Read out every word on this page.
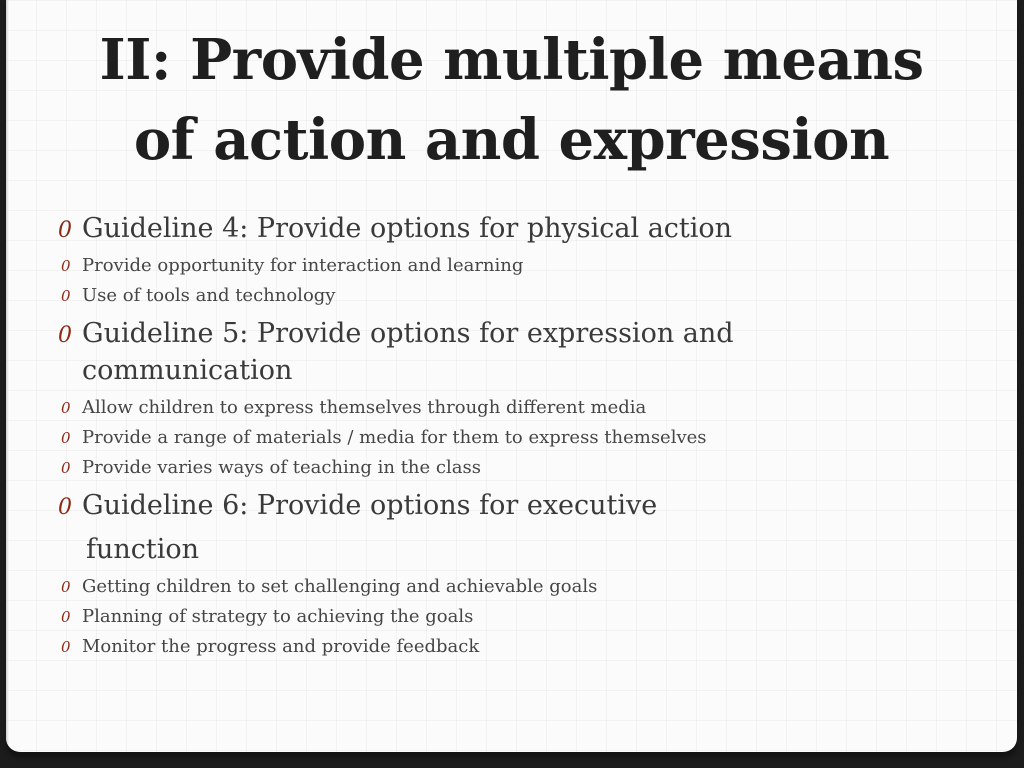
II: Provide multiple means
of action and expression
0 Guideline 4: Provide options for physical action
0 Provide opportunity for interaction and learning
0 Use of tools and technology
0 Guideline 5: Provide options for expression and communication
0 Allow children to express themselves through different media
0 Provide a range of materials / media for them to express themselves
0 Provide varies ways of teaching in the class
0 Guideline 6: Provide options for executive
function
0 Getting children to set challenging and achievable goals
0 Planning of strategy to achieving the goals
0 Monitor the progress and provide feedback
